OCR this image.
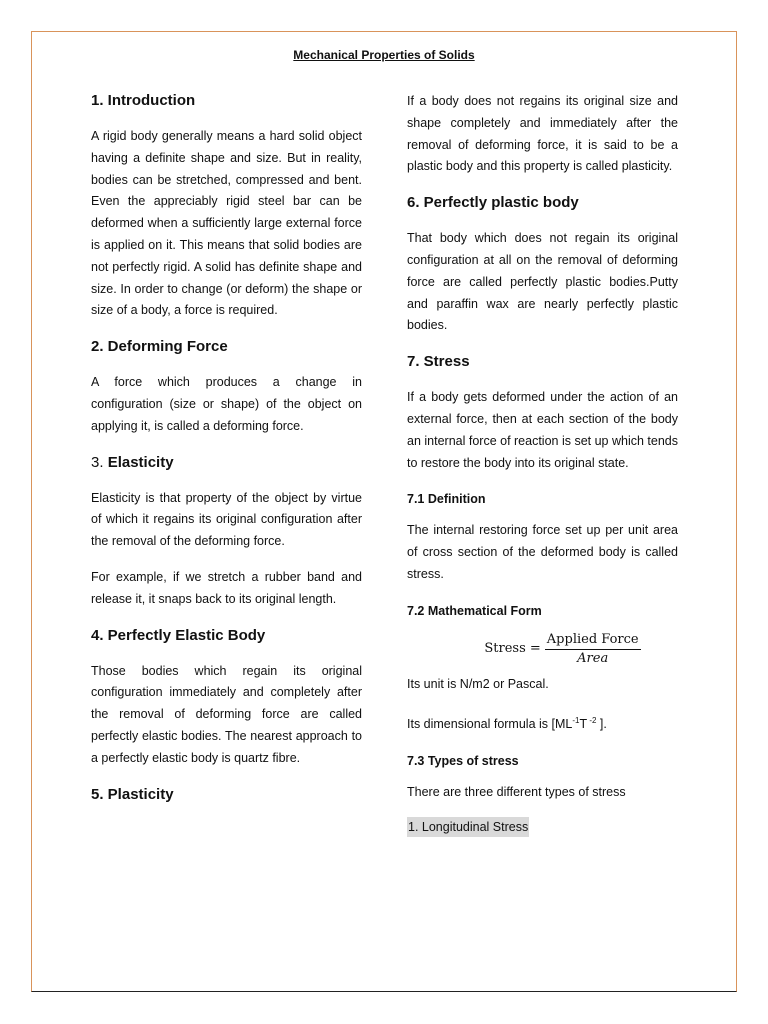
Mechanical Properties of Solids
1. Introduction

A rigid body generally means a hard solid object having a definite shape and size. But in reality, bodies can be stretched, compressed and bent. Even the appreciably rigid steel bar can be deformed when a sufficiently large external force is applied on it. This means that solid bodies are not perfectly rigid. A solid has definite shape and size. In order to change (or deform) the shape or size of a body, a force is required.

2. Deforming Force

A force which produces a change in configuration (size or shape) of the object on applying it, is called a deforming force.

3. Elasticity

Elasticity is that property of the object by virtue of which it regains its original configuration after the removal of the deforming force.

For example, if we stretch a rubber band and release it, it snaps back to its original length.

4. Perfectly Elastic Body

Those bodies which regain its original configuration immediately and completely after the removal of deforming force are called perfectly elastic bodies. The nearest approach to a perfectly elastic body is quartz fibre.

5. Plasticity

If a body does not regains its original size and shape completely and immediately after the removal of deforming force, it is said to be a plastic body and this property is called plasticity.

6. Perfectly plastic body

That body which does not regain its original configuration at all on the removal of deforming force are called perfectly plastic bodies.Putty and paraffin wax are nearly perfectly plastic bodies.

7. Stress

If a body gets deformed under the action of an external force, then at each section of the body an internal force of reaction is set up which tends to restore the body into its original state.

7.1 Definition

The internal restoring force set up per unit area of cross section of the deformed body is called stress.

7.2 Mathematical Form
Stress = $\frac{\text{Applied Force}}{\text{Area}}$

Its unit is N/m2 or Pascal.

Its dimensional formula is [$ML^{-1}T$ $^{-2}$ ].

7.3 Types of stress

There are three different types of stress

1. Longitudinal Stress
